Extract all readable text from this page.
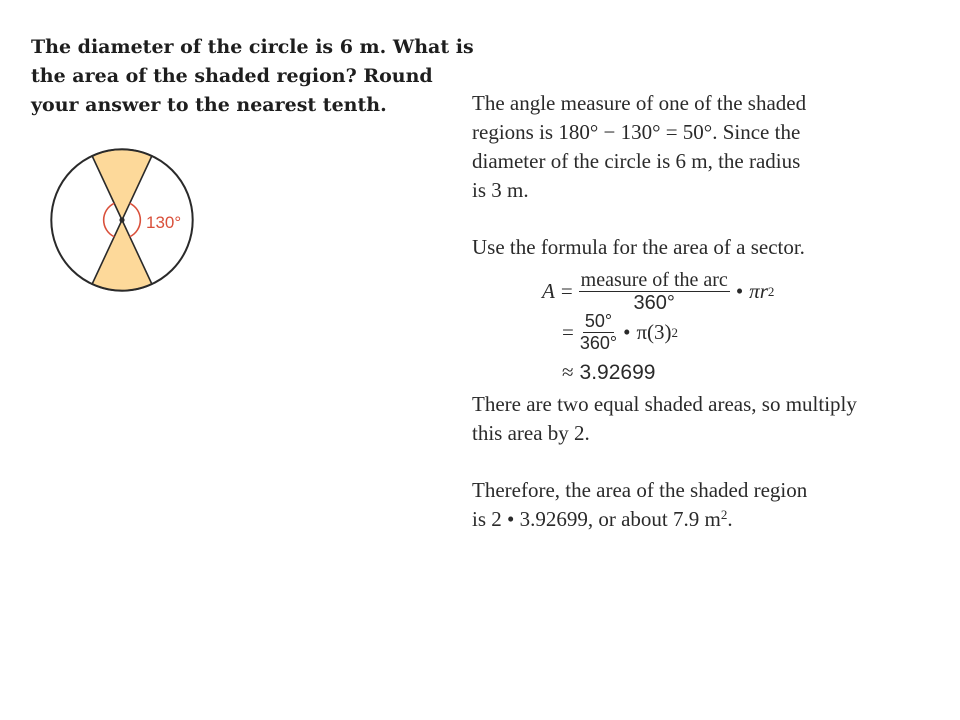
The diameter of the circle is 6 m. What is
the area of the shaded region? Round
your answer to the nearest tenth.
130°
The angle measure of one of the shaded
regions is 180° − 130° = 50°. Since the
diameter of the circle is 6 m, the radius
is 3 m.
Use the formula for the area of a sector.
$A = \frac{\text{measure of the arc}}{360^\circ}$ • πr 2
= $\frac{50^\circ}{360^\circ}$ • π(3) 2
≈ 3.92699
There are two equal shaded areas, so multiply
this area by 2.
Therefore, the area of the shaded region
is 2 • 3.92699, or about 7.9 $m^2$.
